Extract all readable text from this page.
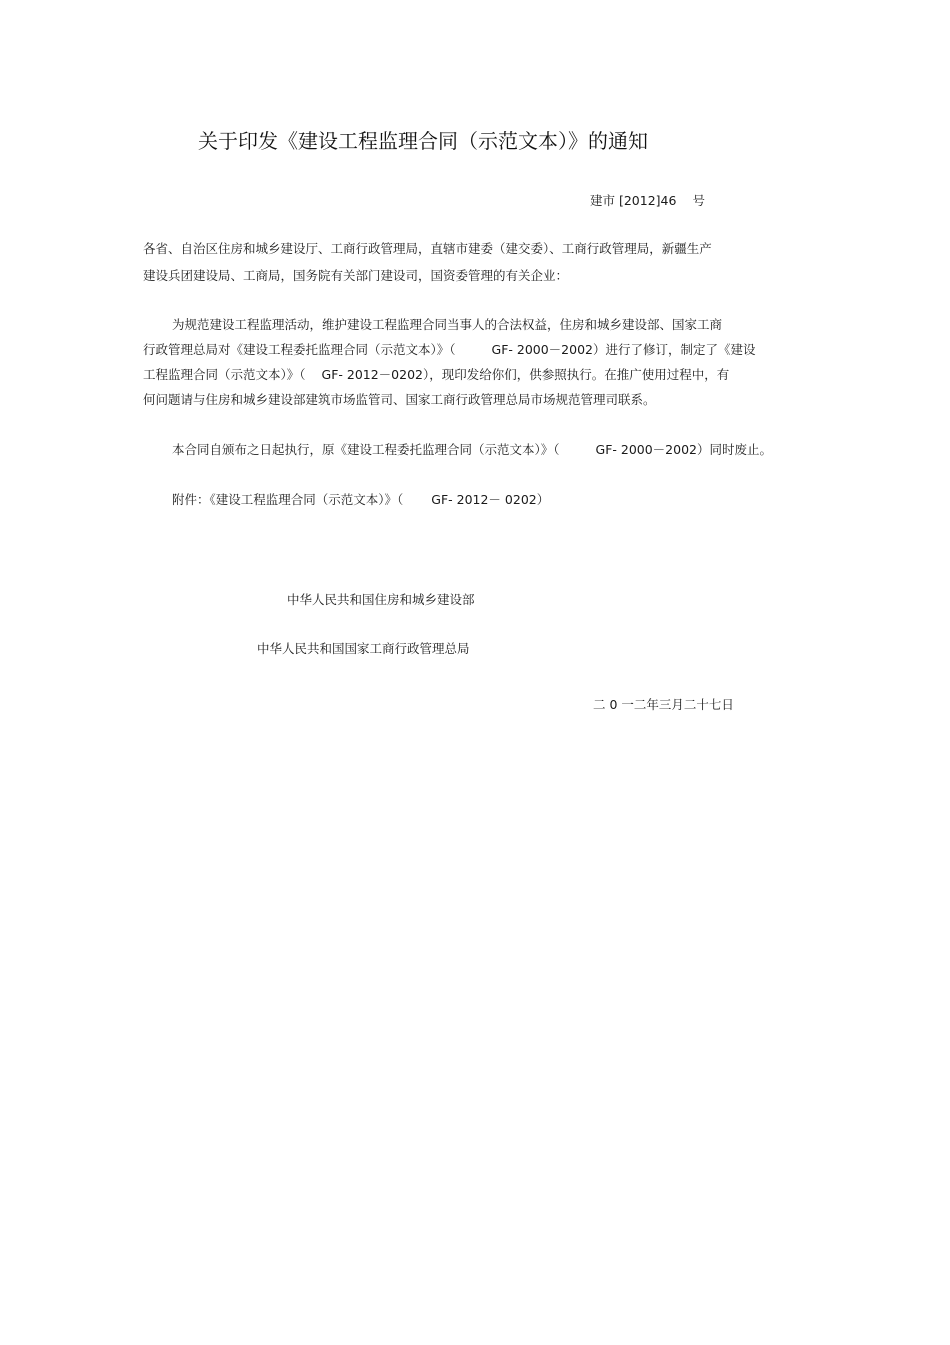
关于印发《建设工程监理合同（示范文本）》的通知
建市 [2012]46 号
各省、自治区住房和城乡建设厅、工商行政管理局，直辖市建委（建交委）、工商行政管理局，新疆生产
建设兵团建设局、工商局，国务院有关部门建设司，国资委管理的有关企业：
为规范建设工程监理活动，维护建设工程监理合同当事人的合法权益，住房和城乡建设部、国家工商
行政管理总局对《建设工程委托监理合同（示范文本）》（	GF- 2000－2002）进行了修订，制定了《建设
工程监理合同（示范文本）》（ GF- 2012－0202），现印发给你们，供参照执行。在推广使用过程中，有
何问题请与住房和城乡建设部建筑市场监管司、国家工商行政管理总局市场规范管理司联系。
本合同自颁布之日起执行，原《建设工程委托监理合同（示范文本）》（	GF- 2000－2002）同时废止。
附件：《建设工程监理合同（示范文本）》（ GF- 2012－ 0202）
中华人民共和国住房和城乡建设部
中华人民共和国国家工商行政管理总局
二 0 一二年三月二十七日
